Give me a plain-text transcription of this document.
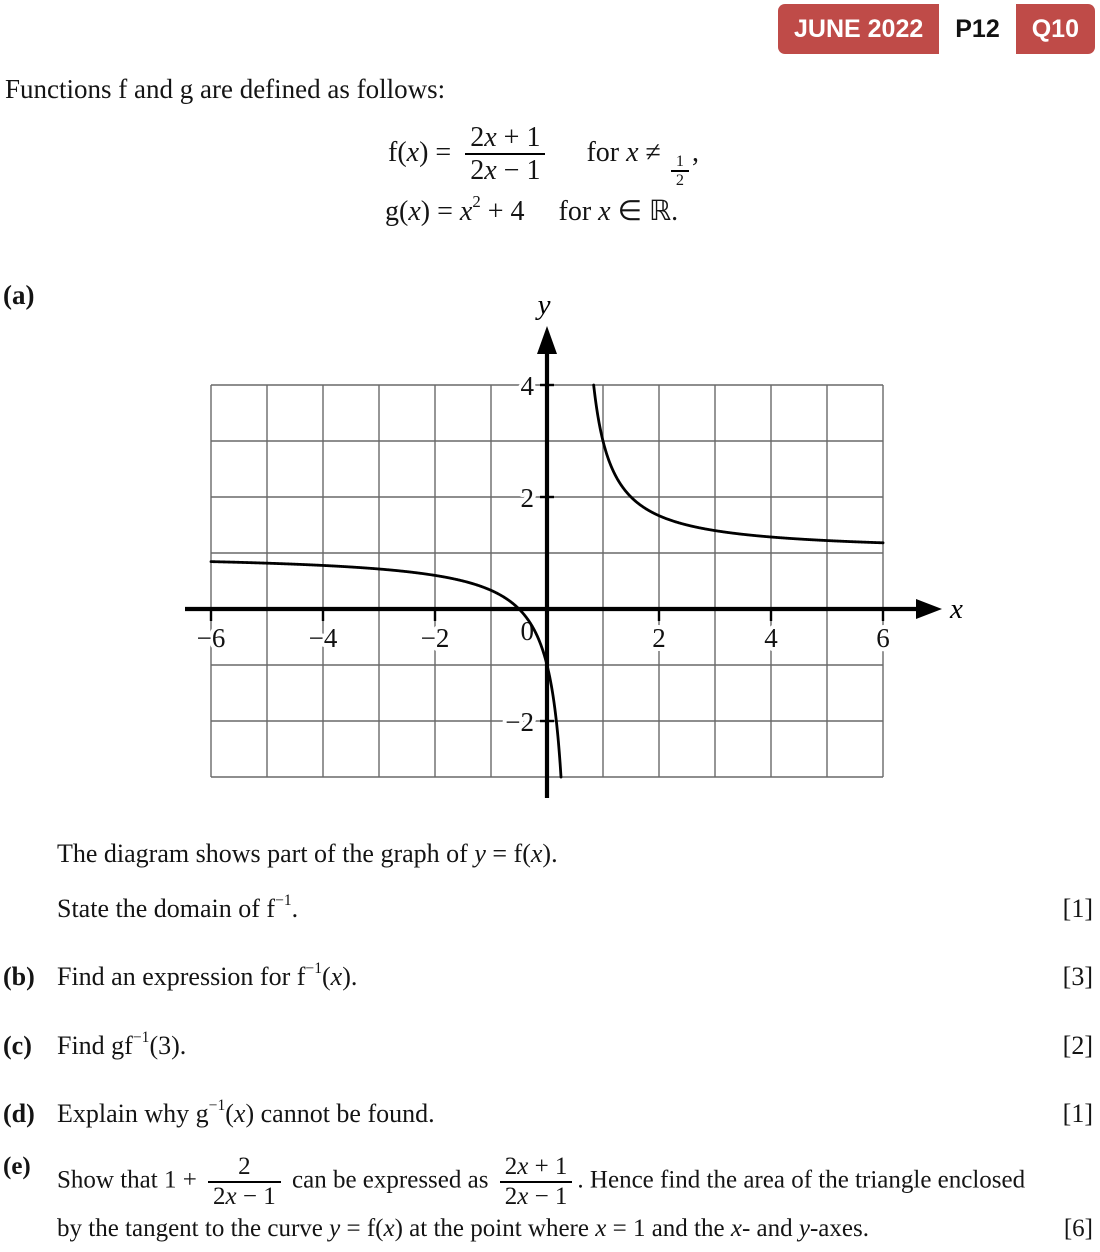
JUNE 2022	P12	Q10

Functions f and g are defined as follows:

$f(x) = \frac{2x + 1}{2x - 1}$ for x ≠
$\frac{1}{2}$
,
$g(x) = x^2 + 4$ for x ∈ ℝ.
(a)
−6	−4	−2	0	2	4	6
4
2
−2
x
y

The diagram shows part of the graph of y = f(x).

State the domain of $f^{-1}$.	[1]
(b) Find an expression for $f^{-1}(x)$.	[3]
(c) Find $gf^{-1}(3)$.	[2]
(d) Explain why $g^{-1}(x)$ cannot be found.	[1]
(e)
Show that $1 + \frac{2}{2x - 1}$ can be expressed as $\frac{2x + 1}{2x - 1}$ . Hence find the area of the triangle enclosed
by the tangent to the curve y = f(x) at the point where x = 1 and the x- and y-axes.	[6]
